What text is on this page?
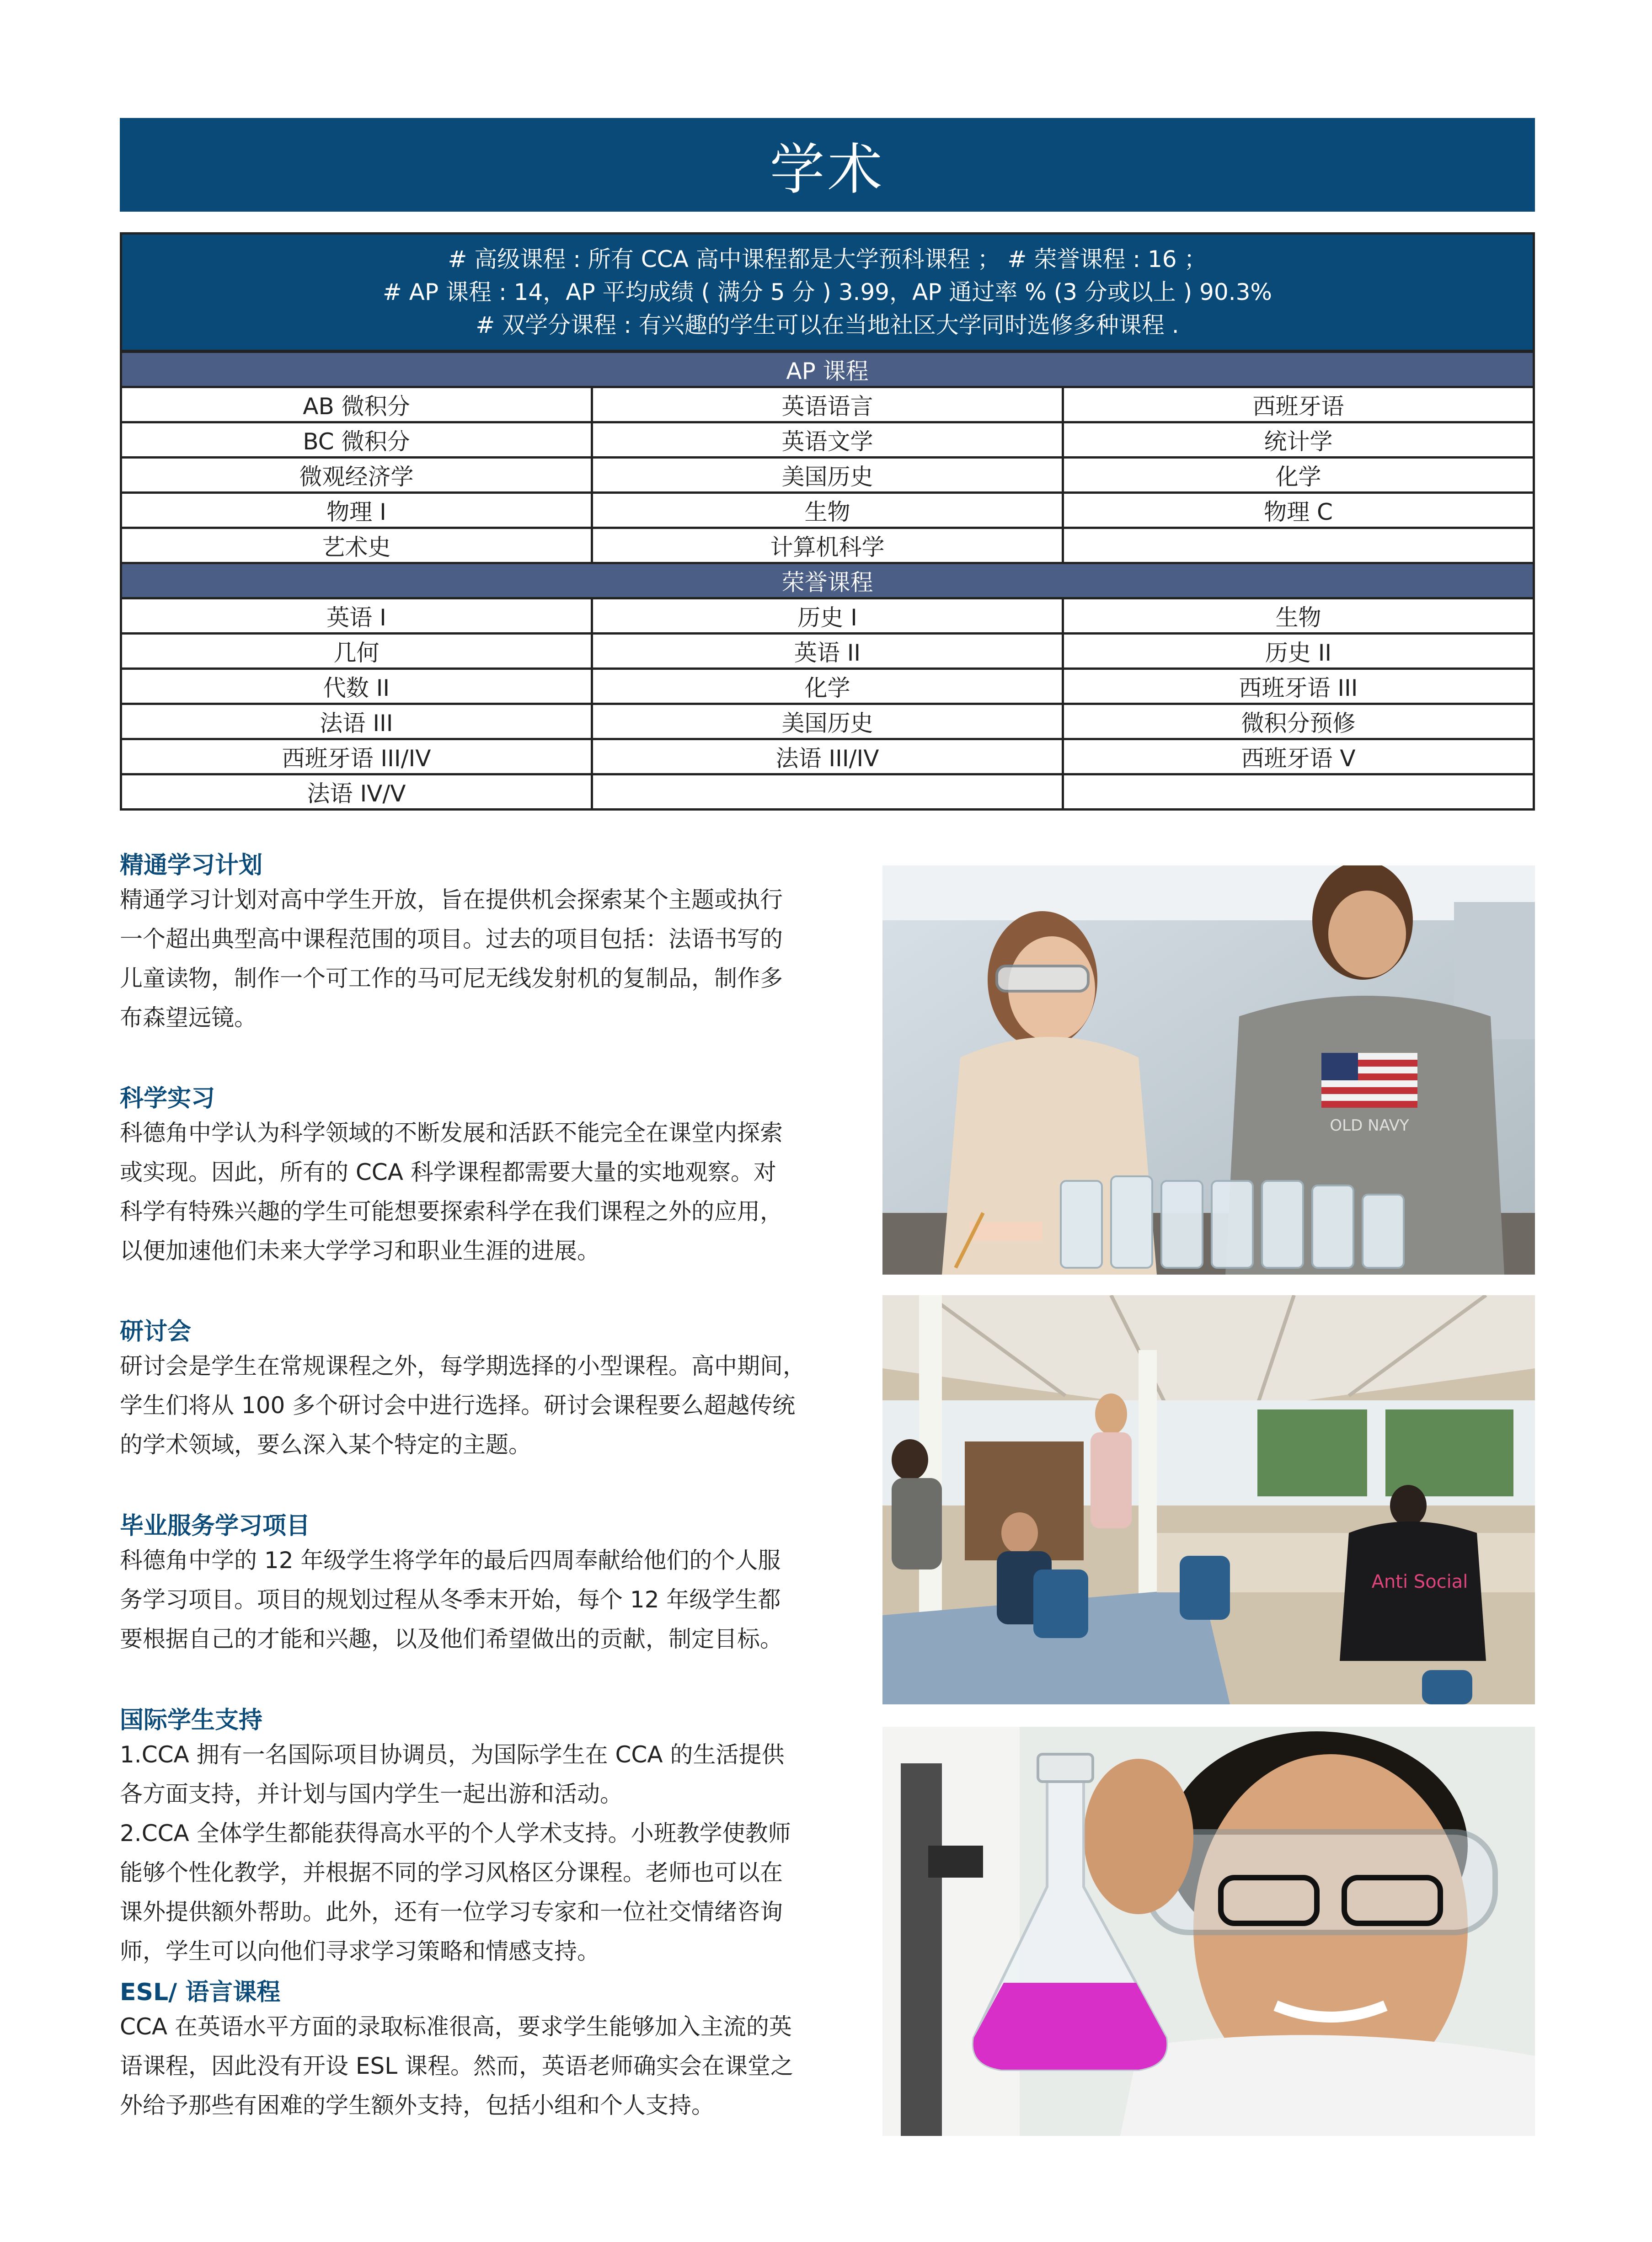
学术
# 高级课程 : 所有 CCA 高中课程都是大学预科课程 ； # 荣誉课程 : 16 ；
# AP 课程 : 14，AP 平均成绩 ( 满分 5 分 ) 3.99，AP 通过率 % (3 分或以上 ) 90.3%
# 双学分课程 : 有兴趣的学生可以在当地社区大学同时选修多种课程 .
AP 课程		
AB 微积分	英语语言	西班牙语
BC 微积分	英语文学	统计学
微观经济学	美国历史	化学
物理 I	生物	物理 C
艺术史	计算机科学	
荣誉课程		
英语 I	历史 I	生物
几何	英语 II	历史 II
代数 II	化学	西班牙语 III
法语 III	美国历史	微积分预修
西班牙语 III/IV	法语 III/IV	西班牙语 V
法语 IV/V		
精通学习计划

精通学习计划对高中学生开放，旨在提供机会探索某个主题或执行

一个超出典型高中课程范围的项目。过去的项目包括：法语书写的

儿童读物，制作一个可工作的马可尼无线发射机的复制品，制作多

布森望远镜。

科学实习

科德角中学认为科学领域的不断发展和活跃不能完全在课堂内探索

或实现。因此，所有的 CCA 科学课程都需要大量的实地观察。对

科学有特殊兴趣的学生可能想要探索科学在我们课程之外的应用，

以便加速他们未来大学学习和职业生涯的进展。

研讨会

研讨会是学生在常规课程之外，每学期选择的小型课程。高中期间，

学生们将从 100 多个研讨会中进行选择。研讨会课程要么超越传统

的学术领域，要么深入某个特定的主题。

毕业服务学习项目

科德角中学的 12 年级学生将学年的最后四周奉献给他们的个人服

务学习项目。项目的规划过程从冬季末开始，每个 12 年级学生都

要根据自己的才能和兴趣，以及他们希望做出的贡献，制定目标。

国际学生支持

1.CCA 拥有一名国际项目协调员，为国际学生在 CCA 的生活提供

各方面支持，并计划与国内学生一起出游和活动。

2.CCA 全体学生都能获得高水平的个人学术支持。小班教学使教师

能够个性化教学，并根据不同的学习风格区分课程。老师也可以在

课外提供额外帮助。此外，还有一位学习专家和一位社交情绪咨询

师，学生可以向他们寻求学习策略和情感支持。

ESL/ 语言课程

CCA 在英语水平方面的录取标准很高，要求学生能够加入主流的英

语课程，因此没有开设 ESL 课程。然而，英语老师确实会在课堂之

外给予那些有困难的学生额外支持，包括小组和个人支持。

OLD NAVY
Anti Social
